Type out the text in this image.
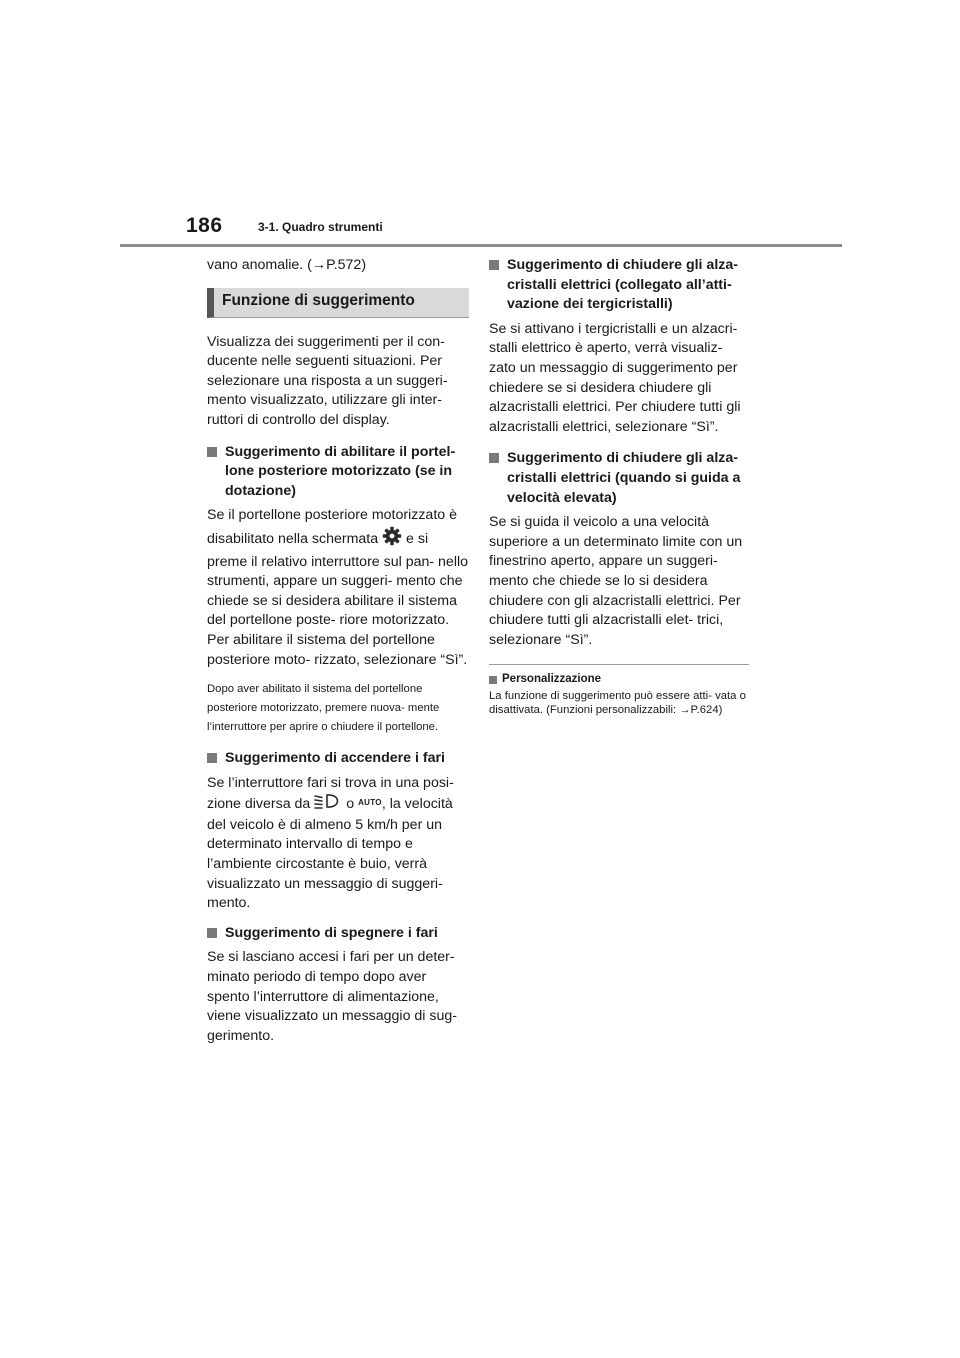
186	3-1. Quadro strumenti

vano anomalie. (→P.572)

Funzione di suggerimento

Visualizza dei suggerimenti per il con- ducente nelle seguenti situazioni. Per selezionare una risposta a un suggeri- mento visualizzato, utilizzare gli inter- ruttori di controllo del display.

Suggerimento di abilitare il portel- lone posteriore motorizzato (se in dotazione)

Se il portellone posteriore motorizzato è disabilitato nella schermata e si preme il relativo interruttore sul pan- nello strumenti, appare un suggeri- mento che chiede se si desidera abilitare il sistema del portellone poste- riore motorizzato. Per abilitare il sistema del portellone posteriore moto- rizzato, selezionare “Sì”.

Dopo aver abilitato il sistema del portellone posteriore motorizzato, premere nuova- mente l’interruttore per aprire o chiudere il portellone.

Suggerimento di accendere i fari

Se l’interruttore fari si trova in una posi- zione diversa da	o AUTO, la velocità del veicolo è di almeno 5 km/h per un determinato intervallo di tempo e l’ambiente circostante è buio, verrà visualizzato un messaggio di suggeri- mento.

Suggerimento di spegnere i fari

Se si lasciano accesi i fari per un deter- minato periodo di tempo dopo aver spento l’interruttore di alimentazione, viene visualizzato un messaggio di sug- gerimento.

Suggerimento di chiudere gli alza- cristalli elettrici (collegato all’atti- vazione dei tergicristalli)

Se si attivano i tergicristalli e un alzacri- stalli elettrico è aperto, verrà visualiz- zato un messaggio di suggerimento per chiedere se si desidera chiudere gli alzacristalli elettrici. Per chiudere tutti gli alzacristalli elettrici, selezionare “Sì”.

Suggerimento di chiudere gli alza- cristalli elettrici (quando si guida a velocità elevata)

Se si guida il veicolo a una velocità superiore a un determinato limite con un finestrino aperto, appare un suggeri- mento che chiede se lo si desidera chiudere con gli alzacristalli elettrici. Per chiudere tutti gli alzacristalli elet- trici, selezionare “Sì”.

Personalizzazione

La funzione di suggerimento può essere atti- vata o disattivata. (Funzioni personalizzabili: →P.624)
